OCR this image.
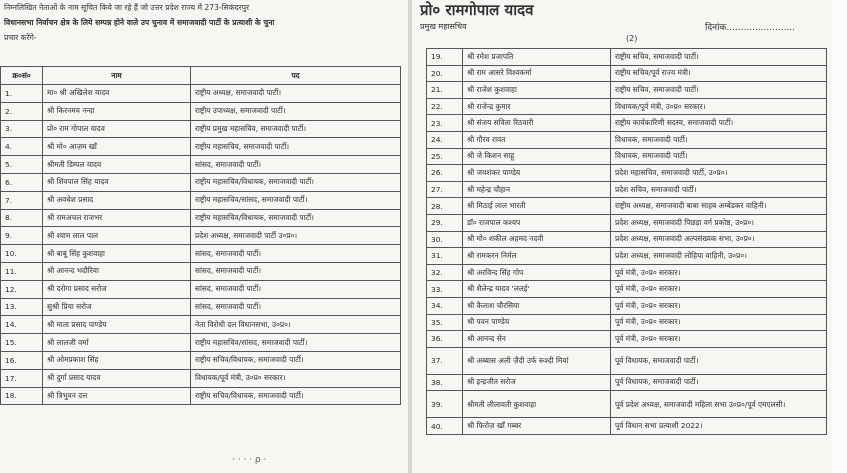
निम्नलिखित नेताओं के नाम सूचित किये जा रहे हैं जो उत्तर प्रदेश राज्य में 273-सिकंदरपुर
विधानसभा निर्वाचन क्षेत्र के लिये सम्पन्न होने वाले उप चुनाव में समाजवादी पार्टी के प्रत्याशी के चुना
प्रचार करेंगे-
क्र०सं०	नाम	पद
1.	मा० श्री अखिलेश यादव	राष्ट्रीय अध्यक्ष, समाजवादी पार्टी।
2.	श्री किरनमय नन्दा	राष्ट्रीय उपाध्यक्ष, समाजवादी पार्टी।
3.	प्रो० राम गोपाल यादव	राष्ट्रीय प्रमुख महासचिव, समाजवादी पार्टी।
4.	श्री मो० आज़म खाँ	राष्ट्रीय महासचिव, समाजवादी पार्टी।
5.	श्रीमती डिम्पल यादव	सांसद, समाजवादी पार्टी।
6.	श्री शिवपाल सिंह यादव	राष्ट्रीय महासचिव/विधायक, समाजवादी पार्टी।
7.	श्री अवधेश प्रसाद	राष्ट्रीय महासचिव/सांसद, समाजवादी पार्टी।
8.	श्री रामअचल राजभर	राष्ट्रीय महासचिव/विधायक, समाजवादी पार्टी।
9.	श्री श्याम लाल पाल	प्रदेश अध्यक्ष, समाजवादी पार्टी उ०प्र०।
10.	श्री बाबू सिंह कुशवाहा	सांसद, समाजवादी पार्टी।
11.	श्री आनन्द भदौरिया	सांसद, समाजवादी पार्टी।
12.	श्री दरोगा प्रसाद सरोज	सांसद, समाजवादी पार्टी।
13.	सुश्री प्रिया सरोज	सांसद, समाजवादी पार्टी।
14.	श्री माता प्रसाद पाण्डेय	नेता विरोधी दल विधानसभा, उ०प्र०।
15.	श्री लालजी वर्मा	राष्ट्रीय महासचिव/सांसद, समाजवादी पार्टी।
16.	श्री ओमप्रकाश सिंह	राष्ट्रीय सचिव/विधायक, समाजवादी पार्टी।
17.	श्री दुर्गा प्रसाद यादव	विधायक/पूर्व मंत्री, उ०प्र० सरकार।
18.	श्री त्रिभुवन दत्त	राष्ट्रीय सचिव/विधायक, समाजवादी पार्टी।
· · · · ρ ·
19.	श्री रमेश प्रजापति	राष्ट्रीय सचिव, समाजवादी पार्टी।
20.	श्री राम आसरे विश्वकर्मा	राष्ट्रीय सचिव/पूर्व राज्य मंत्री।
21.	श्री राजेश कुशवाहा	राष्ट्रीय सचिव, समाजवादी पार्टी।
22.	श्री राजेन्द्र कुमार	विधायक/पूर्व मंत्री, उ०प्र० सरकार।
23.	श्री संजय सविता रिठवारी	राष्ट्रीय कार्यकारिणी सदस्य, समाजवादी पार्टी।
24.	श्री गौरव रावत	विधायक, समाजवादी पार्टी।
25.	श्री जे किशन साहू	विधायक, समाजवादी पार्टी।
26.	श्री जयशंकर पाण्डेय	प्रदेश महासचिव, समाजवादी पार्टी, उ०प्र०।
27.	श्री महेन्द्र चौहान	प्रदेश सचिव, समाजवादी पार्टी।
28.	श्री मिठाई लाल भारती	राष्ट्रीय अध्यक्ष, समाजवादी बाबा साहब अम्बेडकर वाहिनी।
29.	डॉ० राजपाल कश्यप	प्रदेश अध्यक्ष, समाजवादी पिछड़ा वर्ग प्रकोष्ठ, उ०प्र०।
30.	श्री मो० शकील अहमद नदवी	प्रदेश अध्यक्ष, समाजवादी अल्पसंख्यक सभा, उ०प्र०।
31.	श्री रामकरन निर्मल	प्रदेश अध्यक्ष, समाजवादी लोहिया वाहिनी, उ०प्र०।
32.	श्री अरविन्द सिंह गोप	पूर्व मंत्री, उ०प्र० सरकार।
33.	श्री शैलेन्द्र यादव 'ललई'	पूर्व मंत्री, उ०प्र० सरकार।
34.	श्री कैलाश चौरसिया	पूर्व मंत्री, उ०प्र० सरकार।
35.	श्री पवन पाण्डेय	पूर्व मंत्री, उ०प्र० सरकार।
36.	श्री आनन्द सेन	पूर्व मंत्री, उ०प्र० सरकार।
37.	श्री अब्बास अली ज़ैदी उर्फ रूश्दी मियां	पूर्व विधायक, समाजवादी पार्टी।
38.	श्री इन्द्रजीत सरोज	पूर्व विधायक, समाजवादी पार्टी।
39.	श्रीमती लीलावती कुशवाहा	पूर्व प्रदेश अध्यक्ष, समाजवादी महिला सभा उ०प्र०/पूर्व एमएलसी।
40.	श्री फिरोज़ खाँ गब्बर	पूर्व विधान सभा प्रत्याशी 2022।
प्रो० रामगोपाल यादव
प्रमुख महासचिव	दिनांक........................
(2)
